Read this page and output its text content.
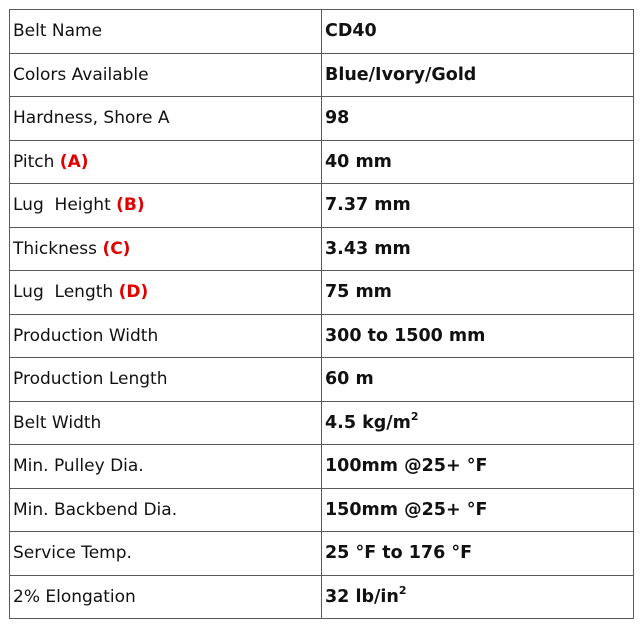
Belt Name	CD40
Colors Available	Blue/Ivory/Gold
Hardness, Shore A	98
Pitch (A)	40 mm
Lug  Height (B)	7.37 mm
Thickness (C)	3.43 mm
Lug  Length (D)	75 mm
Production Width	300 to 1500 mm
Production Length	60 m
Belt Width	4.5 $kg/m^2$
Min. Pulley Dia.	100mm @25+ °F
Min. Backbend Dia.	150mm @25+ °F
Service Temp.	25 °F to 176 °F
2% Elongation	32 $lb/in^2$
